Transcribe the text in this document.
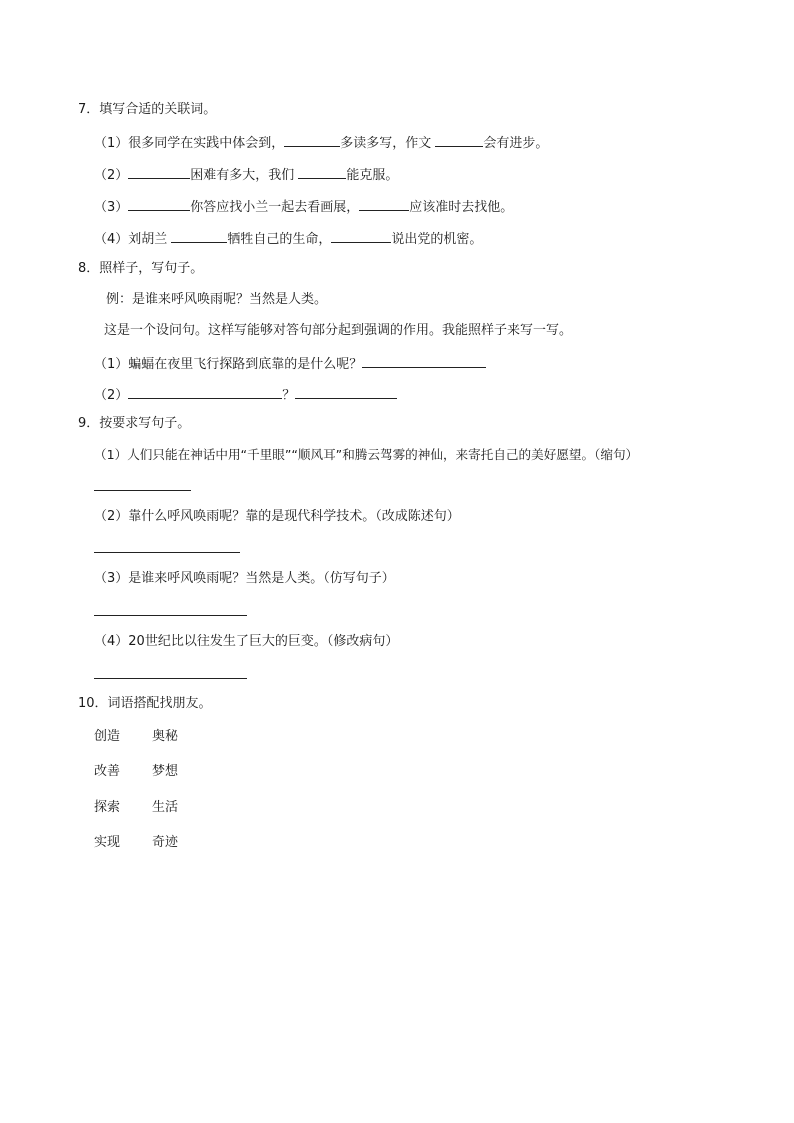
7．填写合适的关联词。
（1）很多同学在实践中体会到，	多读多写，作文	会有进步。
（2）	困难有多大，我们	能克服。
（3）	你答应找小兰一起去看画展，	应该准时去找他。
（4）刘胡兰	牺牲自己的生命，	说出党的机密。
8．照样子，写句子。
例：是谁来呼风唤雨呢？当然是人类。
这是一个设问句。这样写能够对答句部分起到强调的作用。我能照样子来写一写。
（1）蝙蝠在夜里飞行探路到底靠的是什么呢？
（2）	？
9．按要求写句子。
（1）人们只能在神话中用“千里眼”“顺风耳”和腾云驾雾的神仙，来寄托自己的美好愿望。（缩句）
（2）靠什么呼风唤雨呢？靠的是现代科学技术。（改成陈述句）
（3）是谁来呼风唤雨呢？当然是人类。（仿写句子）
（4）20世纪比以往发生了巨大的巨变。（修改病句）
10．词语搭配找朋友。
创造 奥秘
改善 梦想
探索 生活
实现 奇迹
